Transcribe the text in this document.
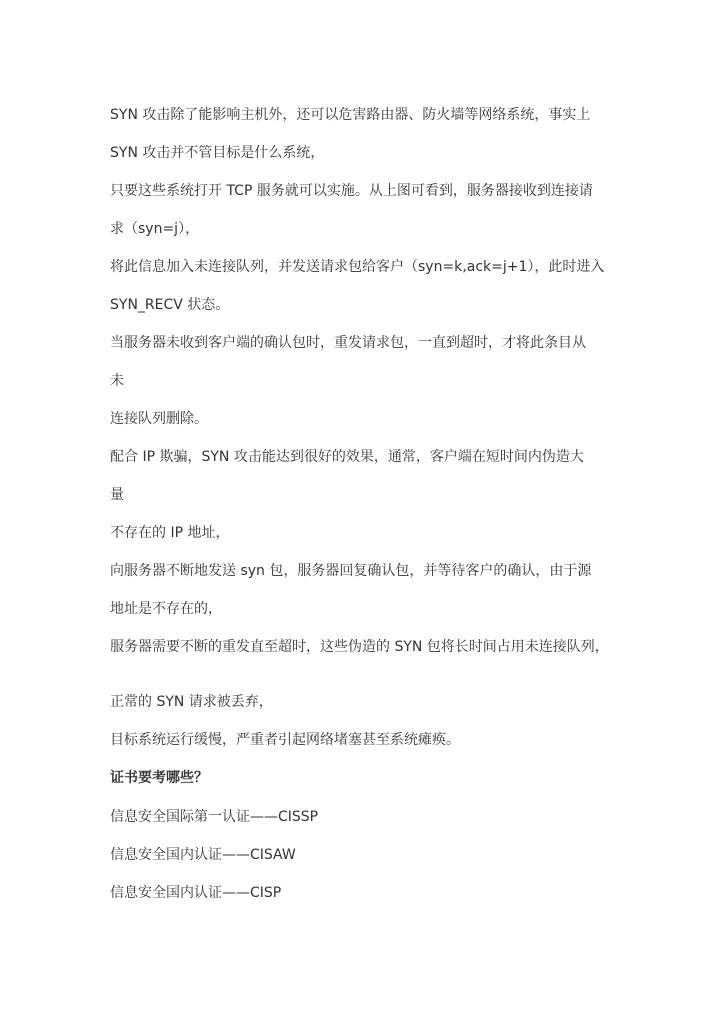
SYN 攻击除了能影响主机外，还可以危害路由器、防火墙等网络系统，事实上
SYN 攻击并不管目标是什么系统，
只要这些系统打开 TCP 服务就可以实施。从上图可看到，服务器接收到连接请
求（syn=j），
将此信息加入未连接队列，并发送请求包给客户（syn=k,ack=j+1），此时进入
SYN_RECV 状态。
当服务器未收到客户端的确认包时，重发请求包，一直到超时，才将此条目从
未
连接队列删除。
配合 IP 欺骗，SYN 攻击能达到很好的效果，通常，客户端在短时间内伪造大
量
不存在的 IP 地址，
向服务器不断地发送 syn 包，服务器回复确认包，并等待客户的确认，由于源
地址是不存在的，
服务器需要不断的重发直至超时，这些伪造的 SYN 包将长时间占用未连接队列，
正常的 SYN 请求被丢弃，
目标系统运行缓慢，严重者引起网络堵塞甚至系统瘫痪。
证书要考哪些？
信息安全国际第一认证——CISSP
信息安全国内认证——CISAW
信息安全国内认证——CISP
